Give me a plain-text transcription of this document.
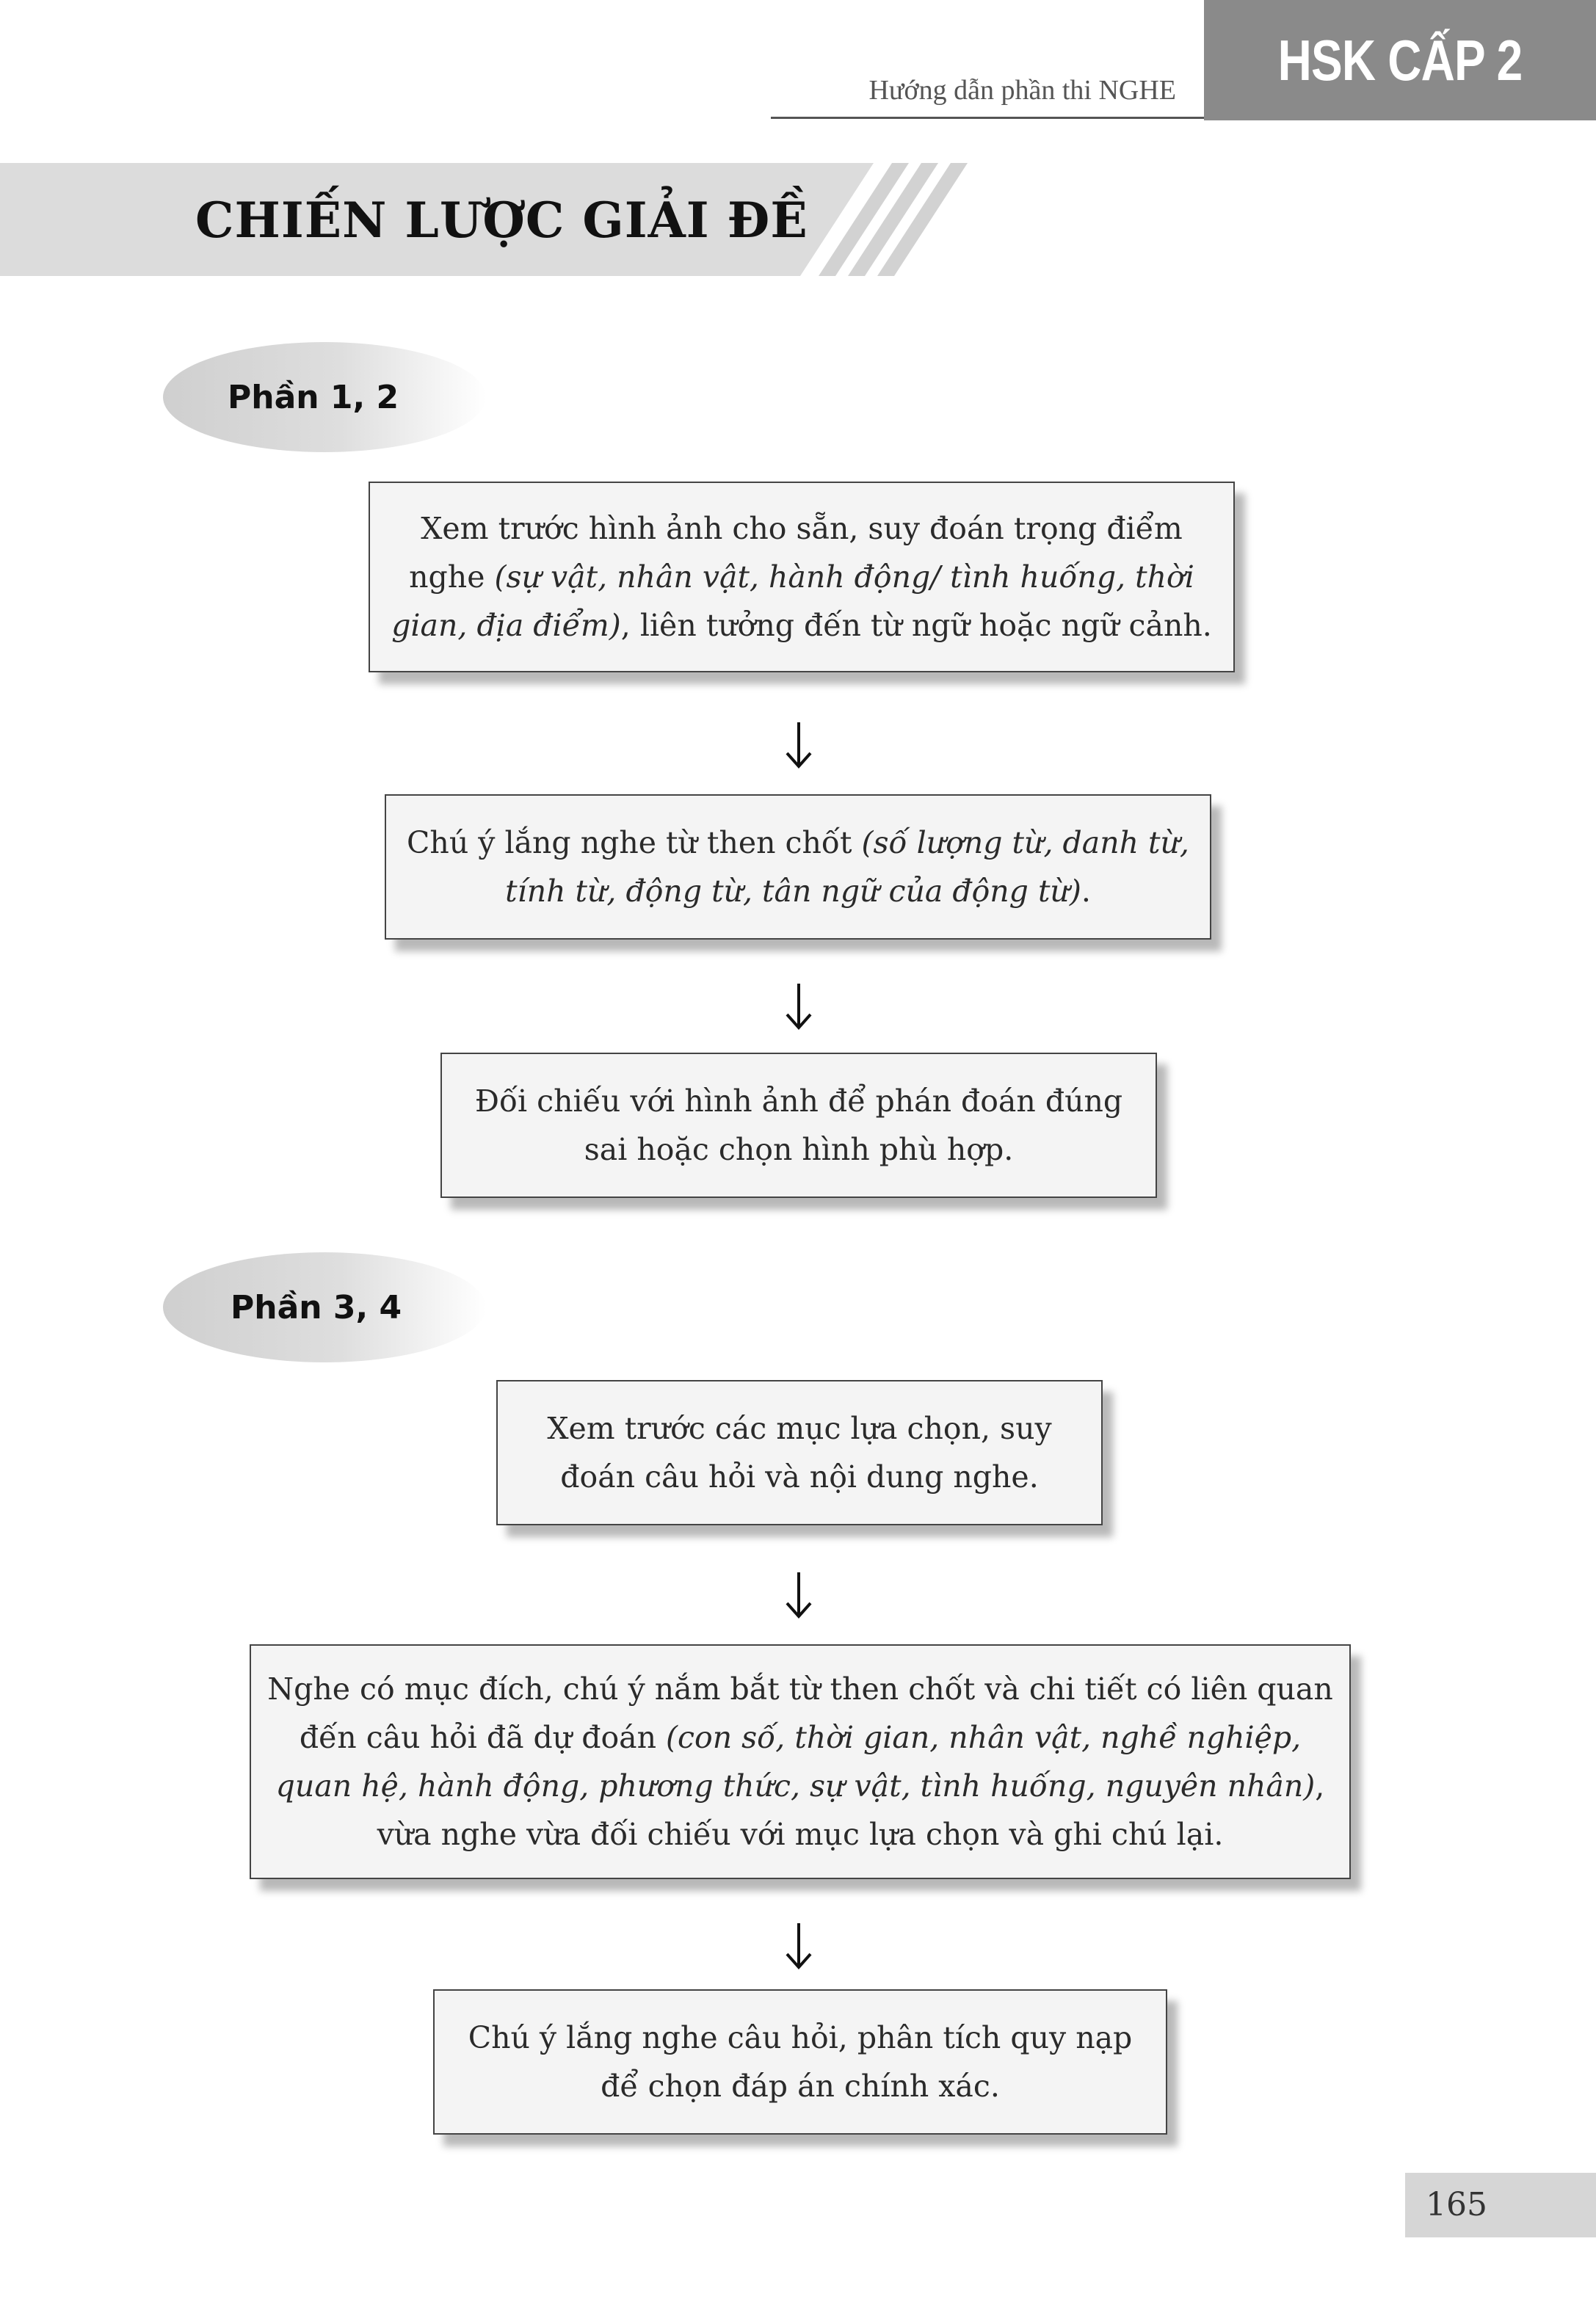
Hướng dẫn phần thi NGHE	HSK CẤP 2
CHIẾN LƯỢC GIẢI ĐỀ
Phần 1, 2

Xem trước hình ảnh cho sẵn, suy đoán trọng điểm nghe (sự vật, nhân vật, hành động/ tình huống, thời gian, địa điểm), liên tưởng đến từ ngữ hoặc ngữ cảnh.

Chú ý lắng nghe từ then chốt (số lượng từ, danh từ, tính từ, động từ, tân ngữ của động từ).

Đối chiếu với hình ảnh để phán đoán đúng sai hoặc chọn hình phù hợp.

Phần 3, 4

Xem trước các mục lựa chọn, suy đoán câu hỏi và nội dung nghe.

Nghe có mục đích, chú ý nắm bắt từ then chốt và chi tiết có liên quan đến câu hỏi đã dự đoán (con số, thời gian, nhân vật, nghề nghiệp, quan hệ, hành động, phương thức, sự vật, tình huống, nguyên nhân), vừa nghe vừa đối chiếu với mục lựa chọn và ghi chú lại.

Chú ý lắng nghe câu hỏi, phân tích quy nạp để chọn đáp án chính xác.

165
